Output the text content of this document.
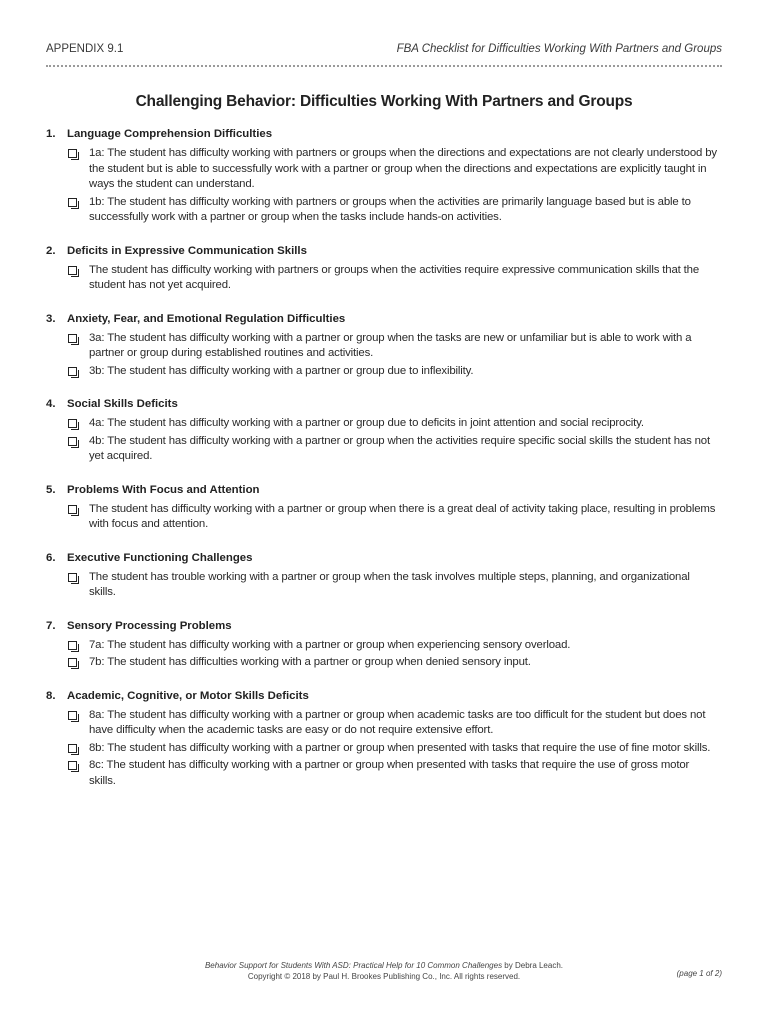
APPENDIX 9.1	FBA Checklist for Difficulties Working With Partners and Groups
Challenging Behavior: Difficulties Working With Partners and Groups
1.	Language Comprehension Difficulties
1a: The student has difficulty working with partners or groups when the directions and expectations are not clearly understood by the student but is able to successfully work with a partner or group when the directions and expectations are explicitly taught in ways the student can understand.
1b: The student has difficulty working with partners or groups when the activities are primarily language based but is able to successfully work with a partner or group when the tasks include hands-on activities.
2.	Deficits in Expressive Communication Skills
The student has difficulty working with partners or groups when the activities require expressive communication skills that the student has not yet acquired.
3.	Anxiety, Fear, and Emotional Regulation Difficulties
3a: The student has difficulty working with a partner or group when the tasks are new or unfamiliar but is able to work with a partner or group during established routines and activities.
3b: The student has difficulty working with a partner or group due to inflexibility.
4.	Social Skills Deficits
4a: The student has difficulty working with a partner or group due to deficits in joint attention and social reciprocity.
4b: The student has difficulty working with a partner or group when the activities require specific social skills the student has not yet acquired.
5.	Problems With Focus and Attention
The student has difficulty working with a partner or group when there is a great deal of activity taking place, resulting in problems with focus and attention.
6.	Executive Functioning Challenges
The student has trouble working with a partner or group when the task involves multiple steps, planning, and organizational skills.
7.	Sensory Processing Problems
7a: The student has difficulty working with a partner or group when experiencing sensory overload.
7b: The student has difficulties working with a partner or group when denied sensory input.
8.	Academic, Cognitive, or Motor Skills Deficits
8a: The student has difficulty working with a partner or group when academic tasks are too difficult for the student but does not have difficulty when the academic tasks are easy or do not require extensive effort.
8b: The student has difficulty working with a partner or group when presented with tasks that require the use of fine motor skills.
8c: The student has difficulty working with a partner or group when presented with tasks that require the use of gross motor skills.
Behavior Support for Students With ASD: Practical Help for 10 Common Challenges by Debra Leach.
Copyright © 2018 by Paul H. Brookes Publishing Co., Inc. All rights reserved.	(page 1 of 2)
